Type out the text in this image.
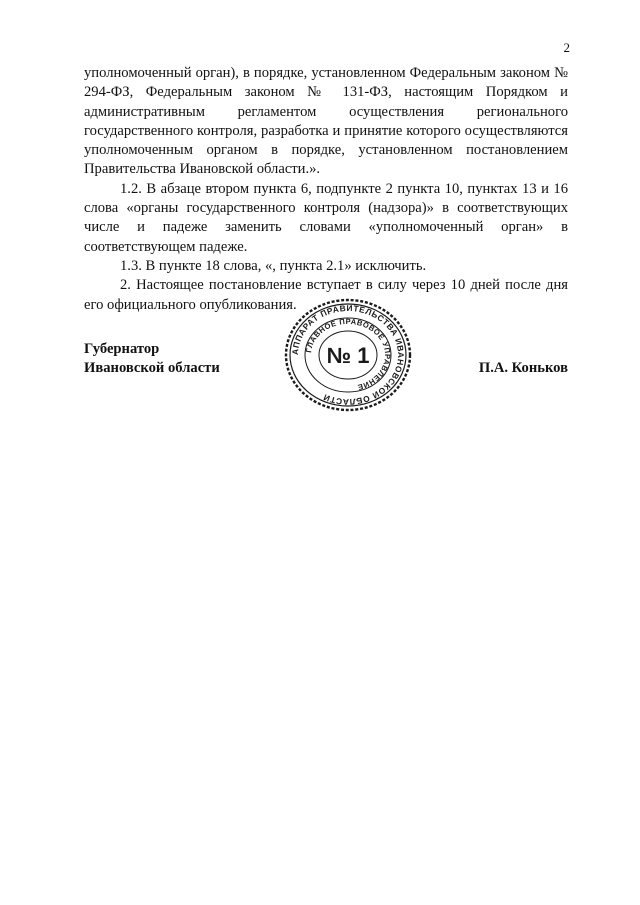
2

уполномоченный орган), в порядке, установленном Федеральным законом № 294-ФЗ, Федеральным законом № 131-ФЗ, настоящим Порядком и административным регламентом осуществления регионального государственного контроля, разработка и принятие которого осуществляются уполномоченным органом в порядке, установленном постановлением Правительства Ивановской области.».

1.2. В абзаце втором пункта 6, подпункте 2 пункта 10, пунктах 13 и 16 слова «органы государственного контроля (надзора)» в соответствующих числе и падеже заменить словами «уполномоченный орган» в соответствующем падеже.

1.3. В пункте 18 слова, «, пункта 2.1» исключить.

2. Настоящее постановление вступает в силу через 10 дней после дня его официального опубликования.

АППАРАТ ПРАВИТЕЛЬСТВА ИВАНОВСКОЙ ОБЛАСТИ
ГЛАВНОЕ ПРАВОВОЕ УПРАВЛЕНИЕ
№ 1
Губернатор
Ивановской области	П.А. Коньков
